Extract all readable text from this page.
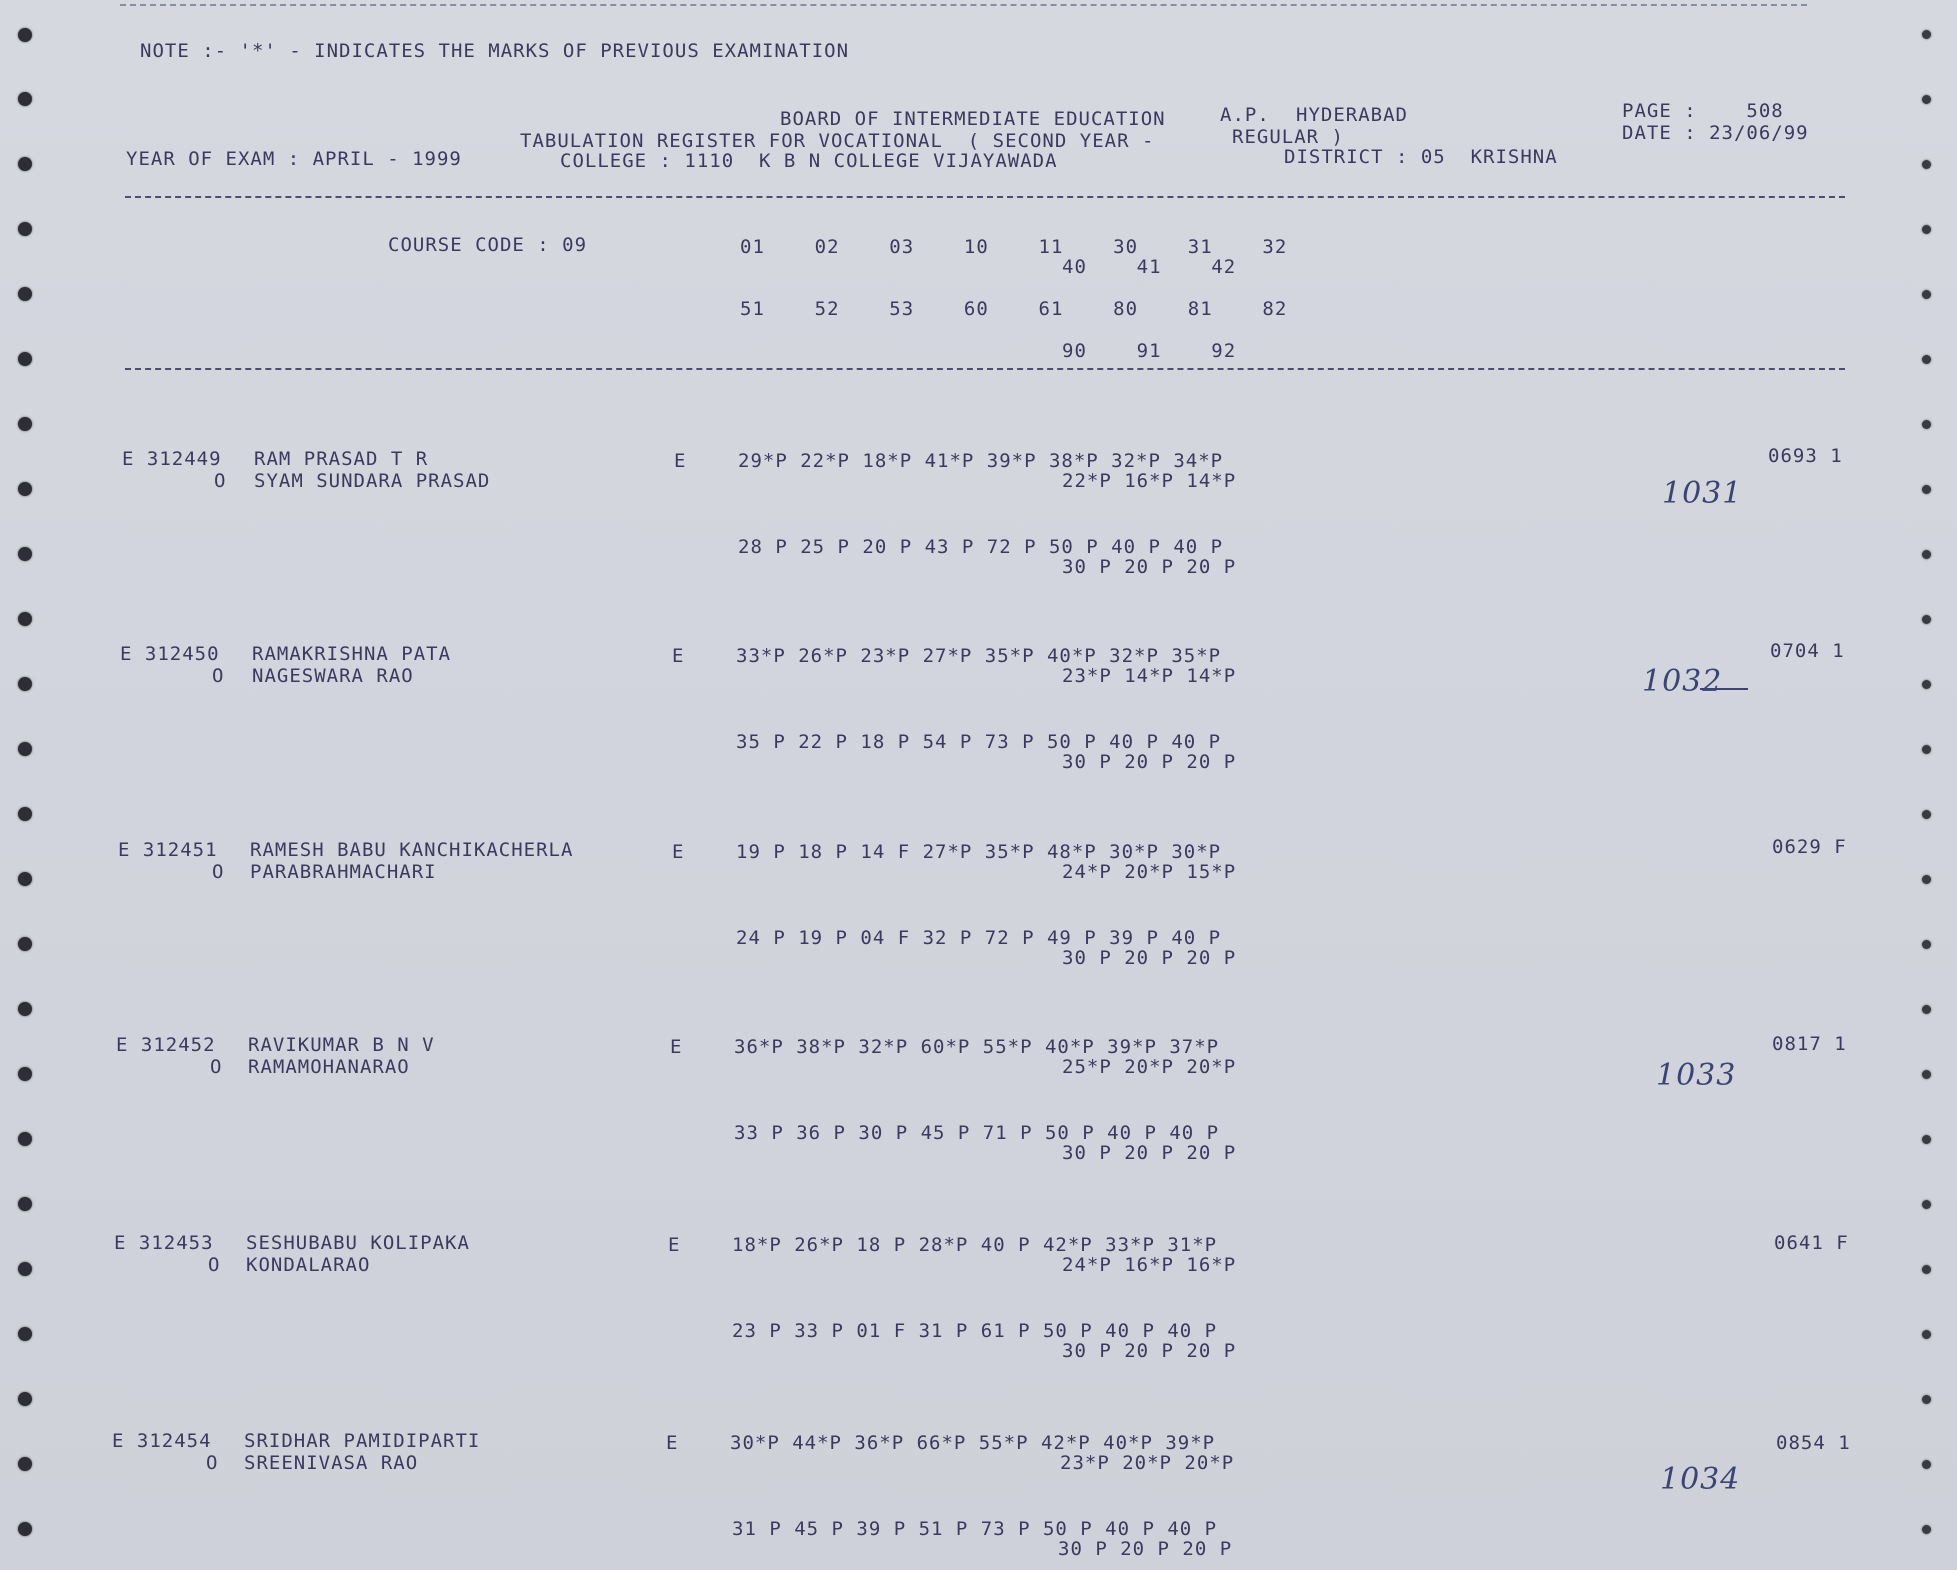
NOTE :- '*' - INDICATES THE MARKS OF PREVIOUS EXAMINATION
BOARD OF INTERMEDIATE EDUCATION	A.P. HYDERABAD	PAGE :    508
TABULATION REGISTER FOR VOCATIONAL  ( SECOND YEAR -	REGULAR )	DATE : 23/06/99
YEAR OF EXAM : APRIL - 1999	COLLEGE : 1110  K B N COLLEGE VIJAYAWADA	DISTRICT : 05  KRISHNA
COURSE CODE : 09	01    02    03    10    11    30    31    32
40    41    42
51    52    53    60    61    80    81    82
90    91    92
E 312449 RAM PRASAD T R	E	29*P 22*P 18*P 41*P 39*P 38*P 32*P 34*P	0693 1
O SYAM SUNDARA PRASAD	22*P 16*P 14*P	1031
28 P 25 P 20 P 43 P 72 P 50 P 40 P 40 P
30 P 20 P 20 P
E 312450 RAMAKRISHNA PATA	E	33*P 26*P 23*P 27*P 35*P 40*P 32*P 35*P	0704 1
O NAGESWARA RAO	23*P 14*P 14*P	1032
35 P 22 P 18 P 54 P 73 P 50 P 40 P 40 P
30 P 20 P 20 P
E 312451 RAMESH BABU KANCHIKACHERLA	E	19 P 18 P 14 F 27*P 35*P 48*P 30*P 30*P	0629 F
O PARABRAHMACHARI	24*P 20*P 15*P
24 P 19 P 04 F 32 P 72 P 49 P 39 P 40 P
30 P 20 P 20 P
E 312452 RAVIKUMAR B N V	E	36*P 38*P 32*P 60*P 55*P 40*P 39*P 37*P	0817 1
O RAMAMOHANARAO	25*P 20*P 20*P	1033
33 P 36 P 30 P 45 P 71 P 50 P 40 P 40 P
30 P 20 P 20 P
E 312453 SESHUBABU KOLIPAKA	E	18*P 26*P 18 P 28*P 40 P 42*P 33*P 31*P	0641 F
O KONDALARAO	24*P 16*P 16*P
23 P 33 P 01 F 31 P 61 P 50 P 40 P 40 P
30 P 20 P 20 P
E 312454 SRIDHAR PAMIDIPARTI	E	30*P 44*P 36*P 66*P 55*P 42*P 40*P 39*P	0854 1
O SREENIVASA RAO	23*P 20*P 20*P	1034
31 P 45 P 39 P 51 P 73 P 50 P 40 P 40 P
30 P 20 P 20 P
